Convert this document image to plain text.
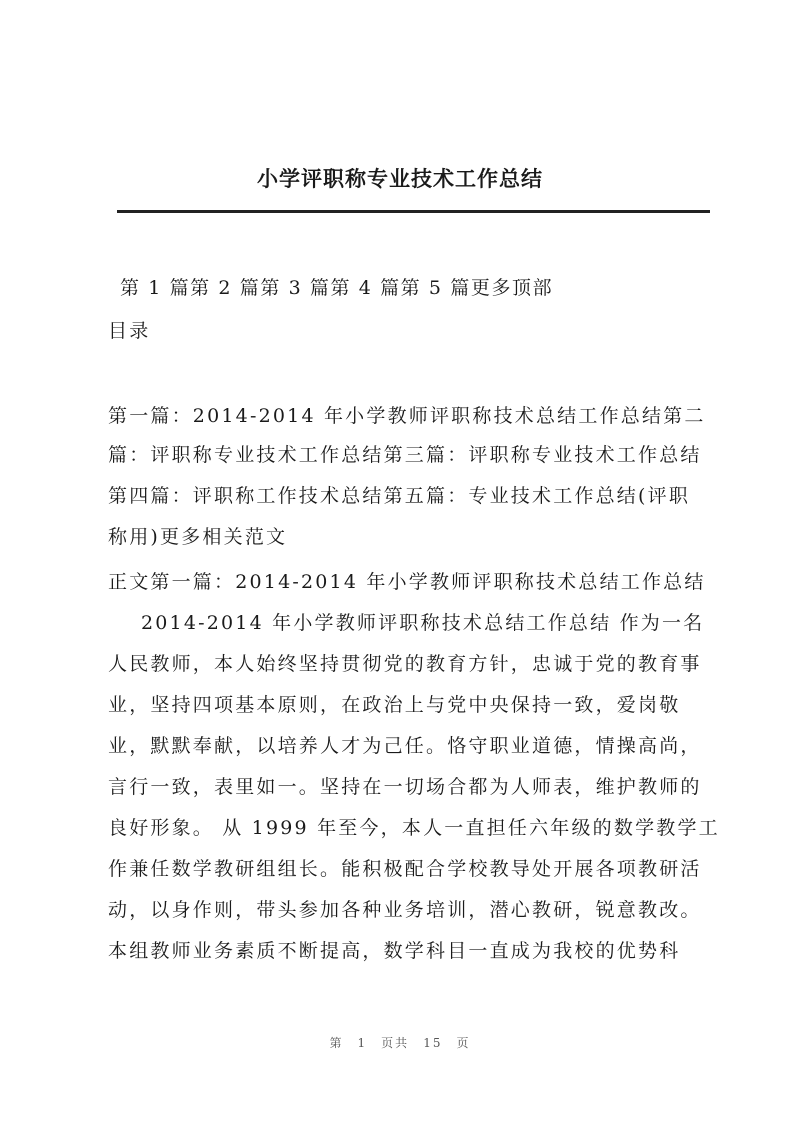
小学评职称专业技术工作总结
第 1 篇第 2 篇第 3 篇第 4 篇第 5 篇更多顶部
目录
第一篇：2014-2014 年小学教师评职称技术总结工作总结第二
篇：评职称专业技术工作总结第三篇：评职称专业技术工作总结
第四篇：评职称工作技术总结第五篇：专业技术工作总结(评职
称用)更多相关范文
正文第一篇：2014-2014 年小学教师评职称技术总结工作总结
2014-2014 年小学教师评职称技术总结工作总结 作为一名
人民教师，本人始终坚持贯彻党的教育方针，忠诚于党的教育事
业，坚持四项基本原则，在政治上与党中央保持一致，爱岗敬
业，默默奉献，以培养人才为己任。恪守职业道德，情操高尚，
言行一致，表里如一。坚持在一切场合都为人师表，维护教师的
良好形象。 从 1999 年至今，本人一直担任六年级的数学教学工
作兼任数学教研组组长。能积极配合学校教导处开展各项教研活
动，以身作则，带头参加各种业务培训，潜心教研，锐意教改。
本组教师业务素质不断提高，数学科目一直成为我校的优势科
第 1 页共 15 页
